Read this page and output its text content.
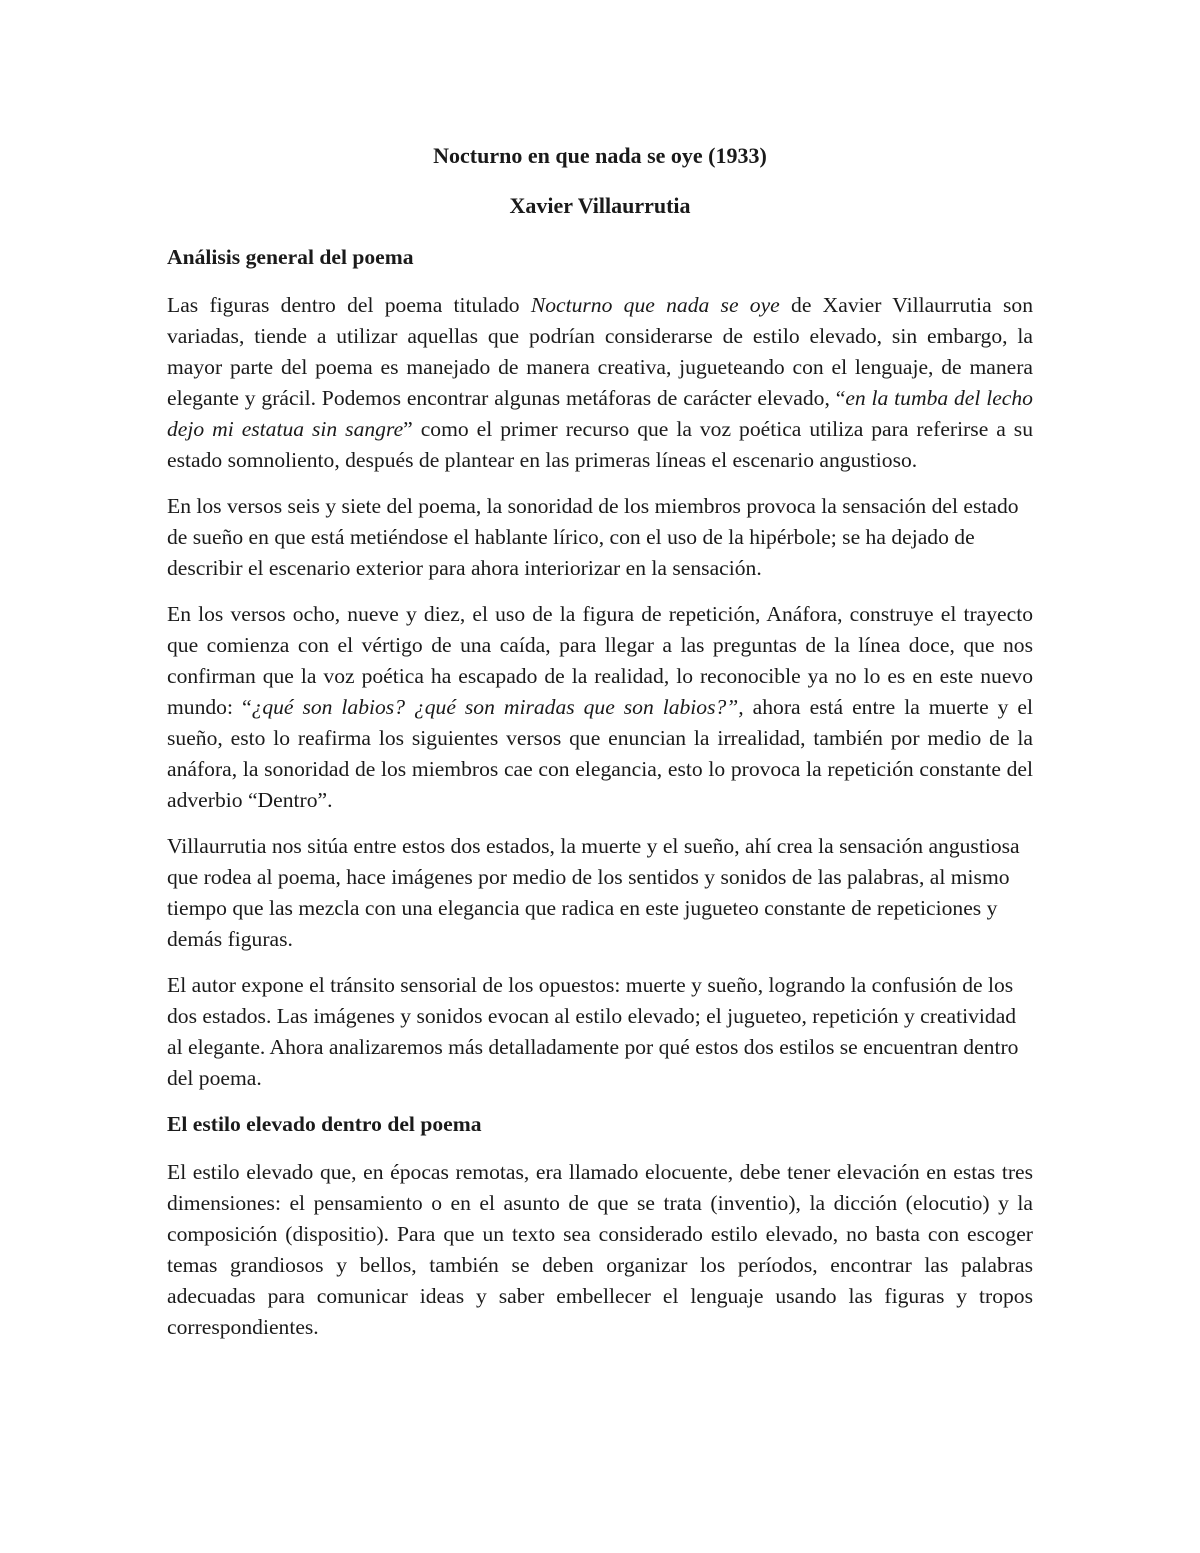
Nocturno en que nada se oye (1933)
Xavier Villaurrutia
Análisis general del poema

Las figuras dentro del poema titulado Nocturno que nada se oye de Xavier Villaurrutia son variadas, tiende a utilizar aquellas que podrían considerarse de estilo elevado, sin embargo, la mayor parte del poema es manejado de manera creativa, jugueteando con el lenguaje, de manera elegante y grácil. Podemos encontrar algunas metáforas de carácter elevado, “en la tumba del lecho dejo mi estatua sin sangre” como el primer recurso que la voz poética utiliza para referirse a su estado somnoliento, después de plantear en las primeras líneas el escenario angustioso.

En los versos seis y siete del poema, la sonoridad de los miembros provoca la sensación del estado de sueño en que está metiéndose el hablante lírico, con el uso de la hipérbole; se ha dejado de describir el escenario exterior para ahora interiorizar en la sensación.

En los versos ocho, nueve y diez, el uso de la figura de repetición, Anáfora, construye el trayecto que comienza con el vértigo de una caída, para llegar a las preguntas de la línea doce, que nos confirman que la voz poética ha escapado de la realidad, lo reconocible ya no lo es en este nuevo mundo: “¿qué son labios? ¿qué son miradas que son labios?”, ahora está entre la muerte y el sueño, esto lo reafirma los siguientes versos que enuncian la irrealidad, también por medio de la anáfora, la sonoridad de los miembros cae con elegancia, esto lo provoca la repetición constante del adverbio “Dentro”.

Villaurrutia nos sitúa entre estos dos estados, la muerte y el sueño, ahí crea la sensación angustiosa que rodea al poema, hace imágenes por medio de los sentidos y sonidos de las palabras, al mismo tiempo que las mezcla con una elegancia que radica en este jugueteo constante de repeticiones y demás figuras.

El autor expone el tránsito sensorial de los opuestos: muerte y sueño, logrando la confusión de los dos estados. Las imágenes y sonidos evocan al estilo elevado; el jugueteo, repetición y creatividad al elegante. Ahora analizaremos más detalladamente por qué estos dos estilos se encuentran dentro del poema.

El estilo elevado dentro del poema

El estilo elevado que, en épocas remotas, era llamado elocuente, debe tener elevación en estas tres dimensiones: el pensamiento o en el asunto de que se trata (inventio), la dicción (elocutio) y la composición (dispositio). Para que un texto sea considerado estilo elevado, no basta con escoger temas grandiosos y bellos, también se deben organizar los períodos, encontrar las palabras adecuadas para comunicar ideas y saber embellecer el lenguaje usando las figuras y tropos correspondientes.
